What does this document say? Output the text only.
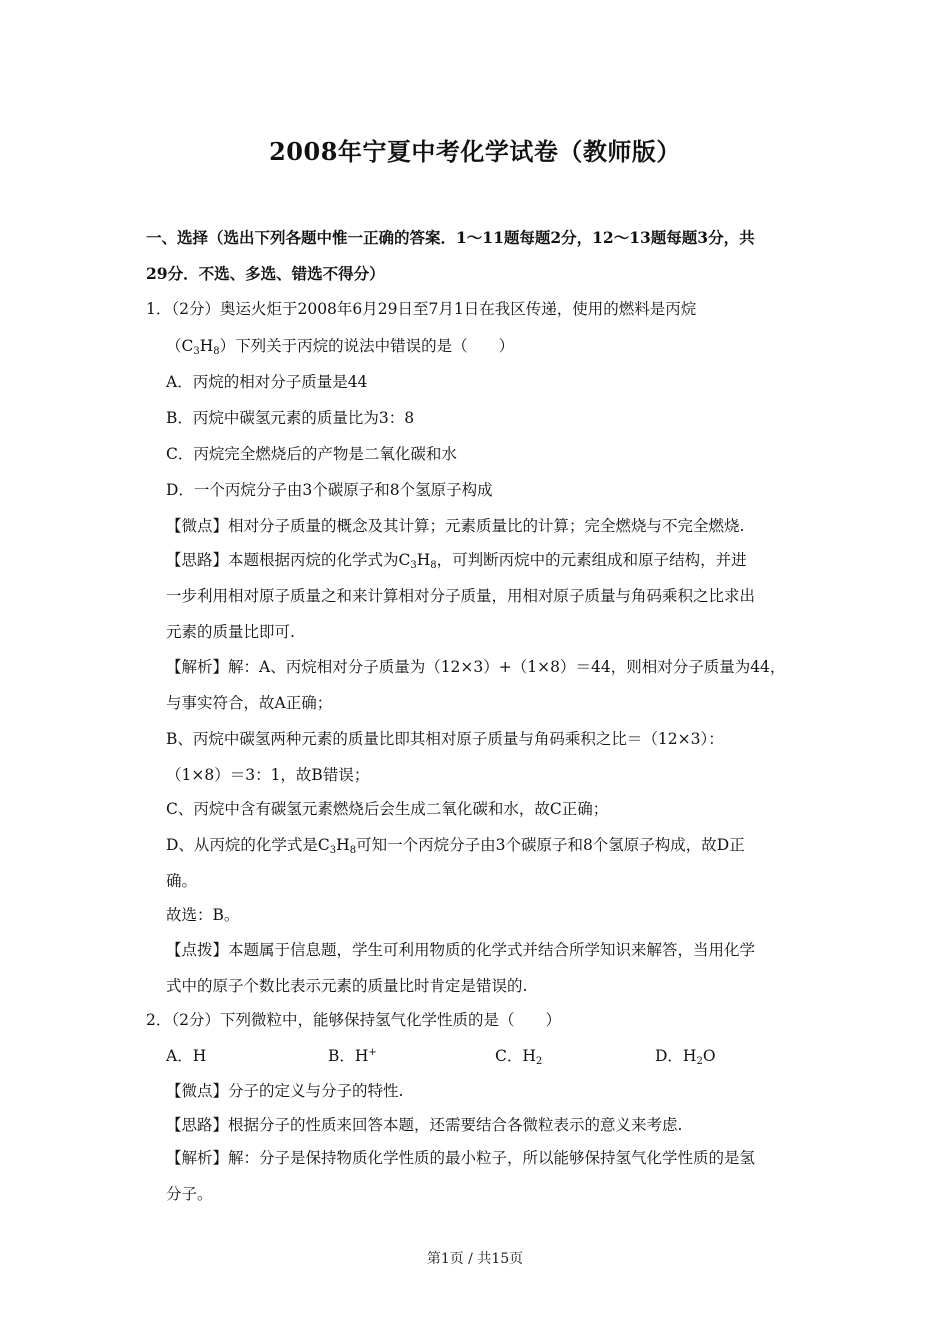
2008年宁夏中考化学试卷（教师版）
一、选择（选出下列各题中惟一正确的答案．1～11题每题2分，12～13题每题3分，共
29分．不选、多选、错选不得分）
1．（2分）奥运火炬于2008年6月29日至7月1日在我区传递，使用的燃料是丙烷
$(C_3H_8)$下列关于丙烷的说法中错误的是（　　）
A．丙烷的相对分子质量是44
B．丙烷中碳氢元素的质量比为3：8
C．丙烷完全燃烧后的产物是二氧化碳和水
D．一个丙烷分子由3个碳原子和8个氢原子构成
【微点】相对分子质量的概念及其计算；元素质量比的计算；完全燃烧与不完全燃烧.
【思路】本题根据丙烷的化学式为$C_3H_8$，可判断丙烷中的元素组成和原子结构，并进
一步利用相对原子质量之和来计算相对分子质量，用相对原子质量与角码乘积之比求出
元素的质量比即可.
【解析】解：A、丙烷相对分子质量为（12×3）+（1×8）＝44，则相对分子质量为44，
与事实符合，故A正确；
B、丙烷中碳氢两种元素的质量比即其相对原子质量与角码乘积之比＝（12×3）：
（1×8）＝3：1，故B错误；
C、丙烷中含有碳氢元素燃烧后会生成二氧化碳和水，故C正确；
D、从丙烷的化学式是$C_3H_8$可知一个丙烷分子由3个碳原子和8个氢原子构成，故D正
确。
故选：B。
【点拨】本题属于信息题，学生可利用物质的化学式并结合所学知识来解答，当用化学
式中的原子个数比表示元素的质量比时肯定是错误的.
2．（2分）下列微粒中，能够保持氢气化学性质的是（　　）
A．H	B．H+	C．$H_2$	D．$H_2O$
【微点】分子的定义与分子的特性.
【思路】根据分子的性质来回答本题，还需要结合各微粒表示的意义来考虑.
【解析】解：分子是保持物质化学性质的最小粒子，所以能够保持氢气化学性质的是氢
分子。
第1页 / 共15页
